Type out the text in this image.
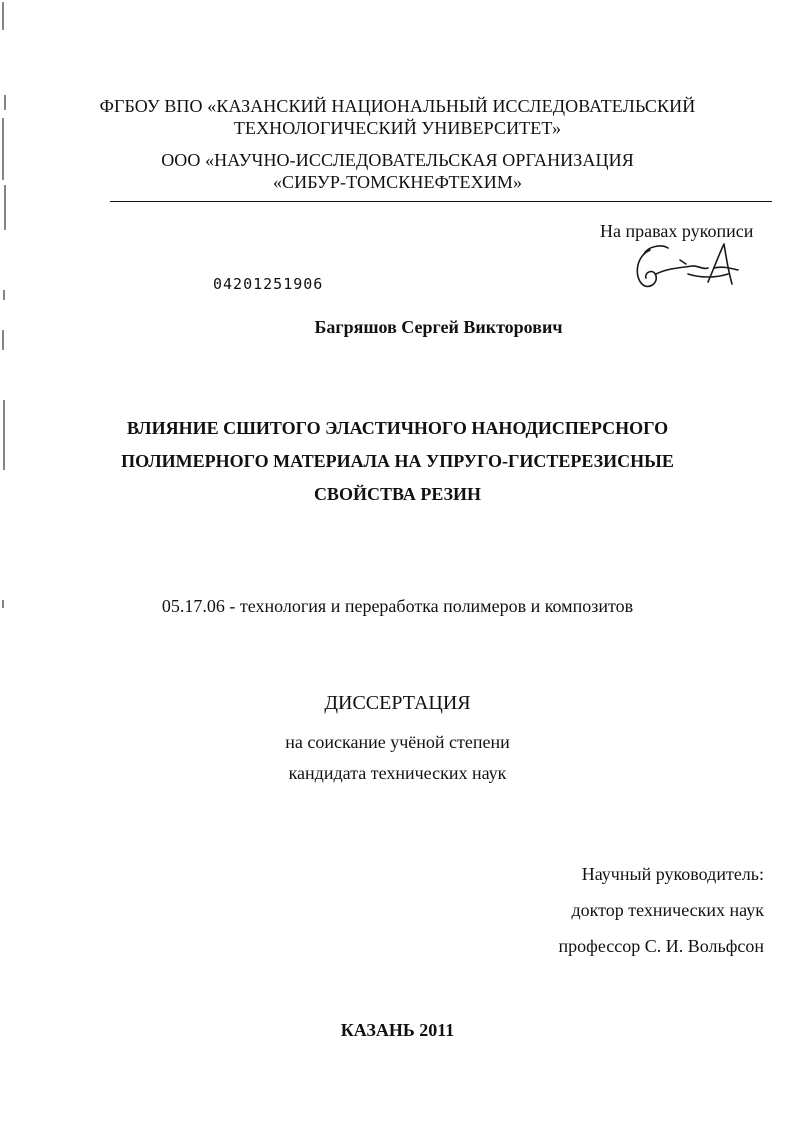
ФГБОУ ВПО «КАЗАНСКИЙ НАЦИОНАЛЬНЫЙ ИССЛЕДОВАТЕЛЬСКИЙ
ТЕХНОЛОГИЧЕСКИЙ УНИВЕРСИТЕТ»
ООО «НАУЧНО-ИССЛЕДОВАТЕЛЬСКАЯ ОРГАНИЗАЦИЯ
«СИБУР-ТОМСКНЕФТЕХИМ»
На правах рукописи
04201251906
Багряшов Сергей Викторович
ВЛИЯНИЕ СШИТОГО ЭЛАСТИЧНОГО НАНОДИСПЕРСНОГО
ПОЛИМЕРНОГО МАТЕРИАЛА НА УПРУГО-ГИСТЕРЕЗИСНЫЕ
СВОЙСТВА РЕЗИН
05.17.06 - технология и переработка полимеров и композитов
ДИССЕРТАЦИЯ
на соискание учёной степени
кандидата технических наук
Научный руководитель:
доктор технических наук
профессор С. И. Вольфсон
КАЗАНЬ 2011
